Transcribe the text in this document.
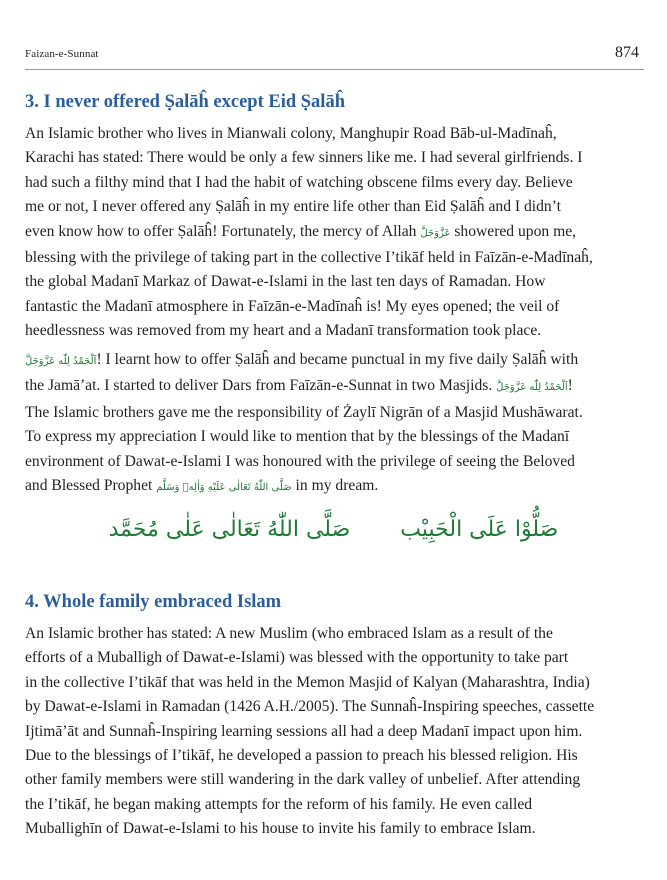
Faizan-e-Sunnat	874
3. I never offered Ṣalāĥ except Eid Ṣalāĥ

An Islamic brother who lives in Mianwali colony, Manghupir Road Bāb-ul-Madīnaĥ,
Karachi has stated: There would be only a few sinners like me. I had several girlfriends. I
had such a filthy mind that I had the habit of watching obscene films every day. Believe
me or not, I never offered any Ṣalāĥ in my entire life other than Eid Ṣalāĥ and I didn’t
even know how to offer Ṣalāĥ! Fortunately, the mercy of Allah عَزَّوَجَلَّ showered upon me,
blessing with the privilege of taking part in the collective I’tikāf held in Faīzān-e-Madīnaĥ,
the global Madanī Markaz of Dawat-e-Islami in the last ten days of Ramadan. How
fantastic the Madanī atmosphere in Faīzān-e-Madīnaĥ is! My eyes opened; the veil of
heedlessness was removed from my heart and a Madanī transformation took place.

اَلْحَمْدُ لِلّٰه عَزَّوَجَلَّ! I learnt how to offer Ṣalāĥ and became punctual in my five daily Ṣalāĥ with
the Jamā’at. I started to deliver Dars from Faīzān-e-Sunnat in two Masjids. اَلْحَمْدُ لِلّٰه عَزَّوَجَلَّ!
The Islamic brothers gave me the responsibility of Żaylī Nigrān of a Masjid Mushāwarat.
To express my appreciation I would like to mention that by the blessings of the Madanī
environment of Dawat-e-Islami I was honoured with the privilege of seeing the Beloved
and Blessed Prophet صَلَّى اللّٰهُ تَعَالٰى عَلَيْهِ وَاٰلِهٖ وَسَلَّم in my dream.

صَلَّى اللّٰهُ تَعَالٰى عَلٰى مُحَمَّد صَلُّوْا عَلَى الْحَبِيْب
4. Whole family embraced Islam

An Islamic brother has stated: A new Muslim (who embraced Islam as a result of the
efforts of a Muballigh of Dawat-e-Islami) was blessed with the opportunity to take part
in the collective I’tikāf that was held in the Memon Masjid of Kalyan (Maharashtra, India)
by Dawat-e-Islami in Ramadan (1426 A.H./2005). The Sunnaĥ-Inspiring speeches, cassette
Ijtimā’āt and Sunnaĥ-Inspiring learning sessions all had a deep Madanī impact upon him.
Due to the blessings of I’tikāf, he developed a passion to preach his blessed religion. His
other family members were still wandering in the dark valley of unbelief. After attending
the I’tikāf, he began making attempts for the reform of his family. He even called
Muballighīn of Dawat-e-Islami to his house to invite his family to embrace Islam.
